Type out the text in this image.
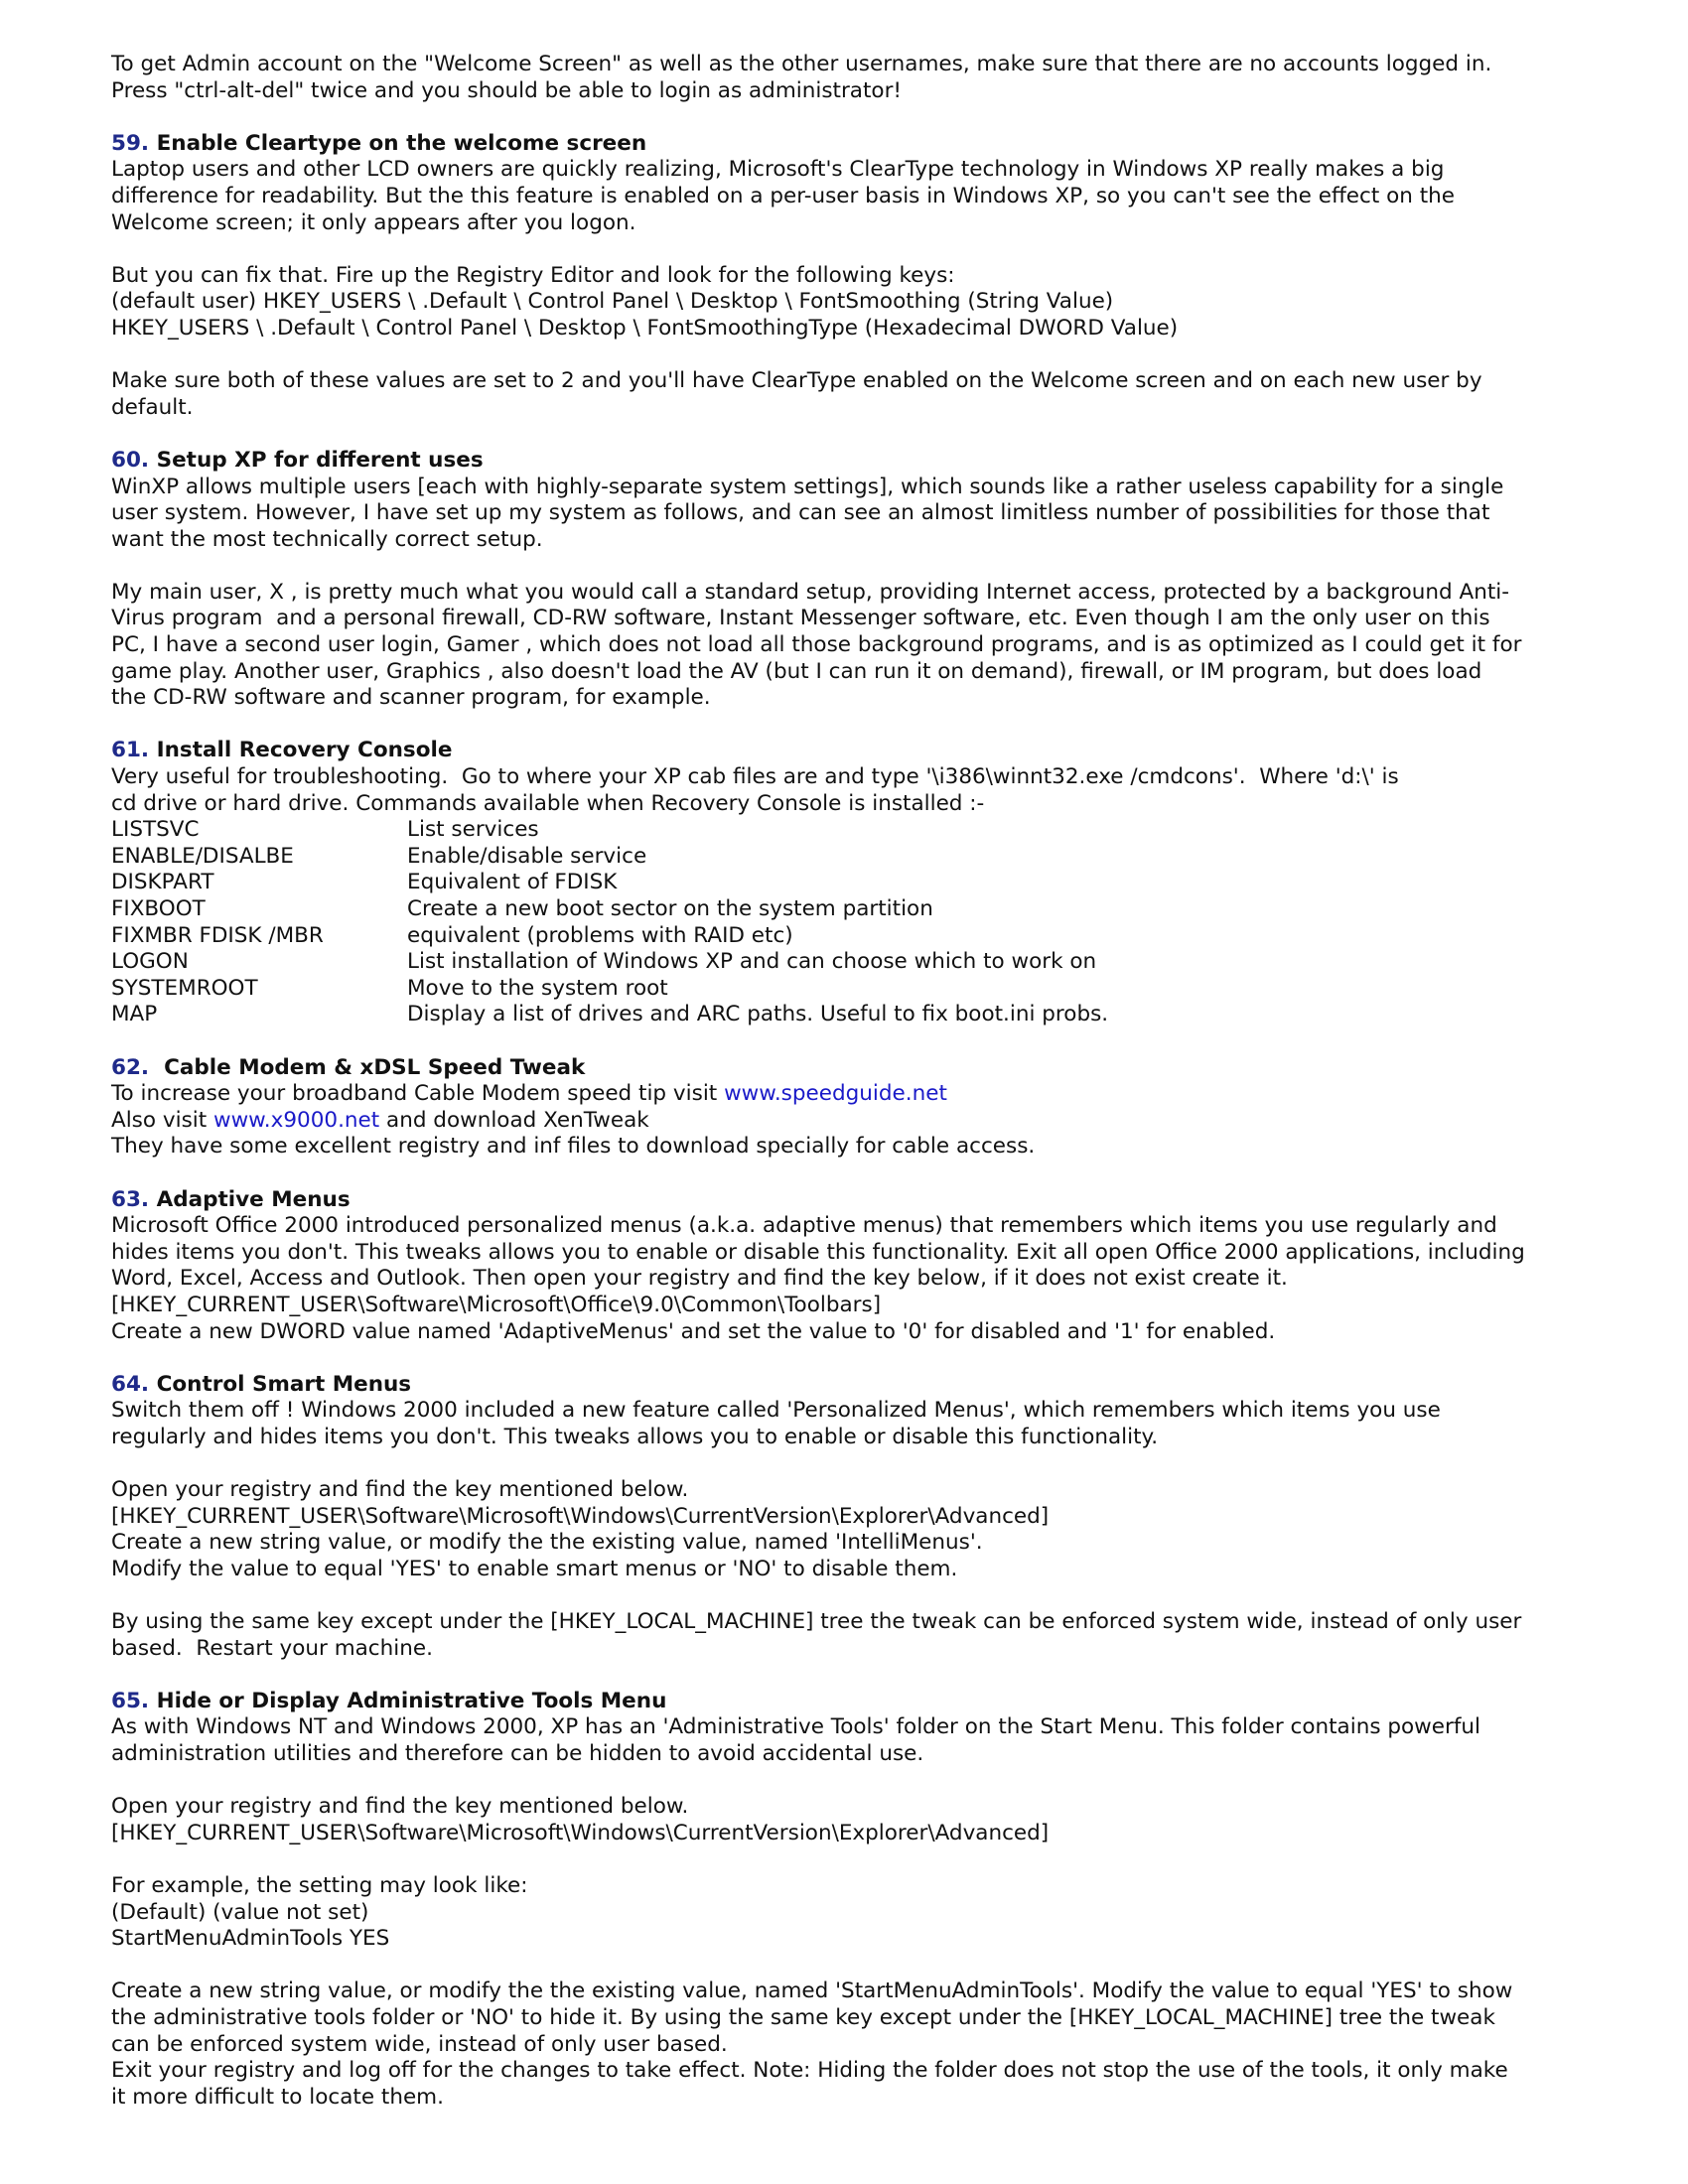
To get Admin account on the "Welcome Screen" as well as the other usernames, make sure that there are no accounts logged in.

Press "ctrl-alt-del" twice and you should be able to login as administrator!

59. Enable Cleartype on the welcome screen

Laptop users and other LCD owners are quickly realizing, Microsoft's ClearType technology in Windows XP really makes a big

difference for readability. But the this feature is enabled on a per-user basis in Windows XP, so you can't see the effect on the

Welcome screen; it only appears after you logon.

But you can fix that. Fire up the Registry Editor and look for the following keys:

(default user) HKEY_USERS \ .Default \ Control Panel \ Desktop \ FontSmoothing (String Value)

HKEY_USERS \ .Default \ Control Panel \ Desktop \ FontSmoothingType (Hexadecimal DWORD Value)

Make sure both of these values are set to 2 and you'll have ClearType enabled on the Welcome screen and on each new user by

default.

60. Setup XP for different uses

WinXP allows multiple users [each with highly-separate system settings], which sounds like a rather useless capability for a single

user system. However, I have set up my system as follows, and can see an almost limitless number of possibilities for those that

want the most technically correct setup.

My main user, X , is pretty much what you would call a standard setup, providing Internet access, protected by a background Anti-

Virus program  and a personal firewall, CD-RW software, Instant Messenger software, etc. Even though I am the only user on this

PC, I have a second user login, Gamer , which does not load all those background programs, and is as optimized as I could get it for

game play. Another user, Graphics , also doesn't load the AV (but I can run it on demand), firewall, or IM program, but does load

the CD-RW software and scanner program, for example.

61. Install Recovery Console

Very useful for troubleshooting.  Go to where your XP cab files are and type '\i386\winnt32.exe /cmdcons'.  Where 'd:\' is

cd drive or hard drive. Commands available when Recovery Console is installed :-

LISTSVC	List services
ENABLE/DISALBE	Enable/disable service
DISKPART	Equivalent of FDISK
FIXBOOT	Create a new boot sector on the system partition
FIXMBR FDISK /MBR	equivalent (problems with RAID etc)
LOGON	List installation of Windows XP and can choose which to work on
SYSTEMROOT	Move to the system root
MAP	Display a list of drives and ARC paths. Useful to fix boot.ini probs.

62.  Cable Modem & xDSL Speed Tweak

To increase your broadband Cable Modem speed tip visit www.speedguide.net

Also visit www.x9000.net and download XenTweak

They have some excellent registry and inf files to download specially for cable access.

63. Adaptive Menus

Microsoft Office 2000 introduced personalized menus (a.k.a. adaptive menus) that remembers which items you use regularly and

hides items you don't. This tweaks allows you to enable or disable this functionality. Exit all open Office 2000 applications, including

Word, Excel, Access and Outlook. Then open your registry and find the key below, if it does not exist create it.

[HKEY_CURRENT_USER\Software\Microsoft\Office\9.0\Common\Toolbars]

Create a new DWORD value named 'AdaptiveMenus' and set the value to '0' for disabled and '1' for enabled.

64. Control Smart Menus

Switch them off ! Windows 2000 included a new feature called 'Personalized Menus', which remembers which items you use

regularly and hides items you don't. This tweaks allows you to enable or disable this functionality.

Open your registry and find the key mentioned below.

[HKEY_CURRENT_USER\Software\Microsoft\Windows\CurrentVersion\Explorer\Advanced]

Create a new string value, or modify the the existing value, named 'IntelliMenus'.

Modify the value to equal 'YES' to enable smart menus or 'NO' to disable them.

By using the same key except under the [HKEY_LOCAL_MACHINE] tree the tweak can be enforced system wide, instead of only user

based.  Restart your machine.

65. Hide or Display Administrative Tools Menu

As with Windows NT and Windows 2000, XP has an 'Administrative Tools' folder on the Start Menu. This folder contains powerful

administration utilities and therefore can be hidden to avoid accidental use.

Open your registry and find the key mentioned below.

[HKEY_CURRENT_USER\Software\Microsoft\Windows\CurrentVersion\Explorer\Advanced]

For example, the setting may look like:

(Default) (value not set)

StartMenuAdminTools YES

Create a new string value, or modify the the existing value, named 'StartMenuAdminTools'. Modify the value to equal 'YES' to show

the administrative tools folder or 'NO' to hide it. By using the same key except under the [HKEY_LOCAL_MACHINE] tree the tweak

can be enforced system wide, instead of only user based.

Exit your registry and log off for the changes to take effect. Note: Hiding the folder does not stop the use of the tools, it only make

it more difficult to locate them.
